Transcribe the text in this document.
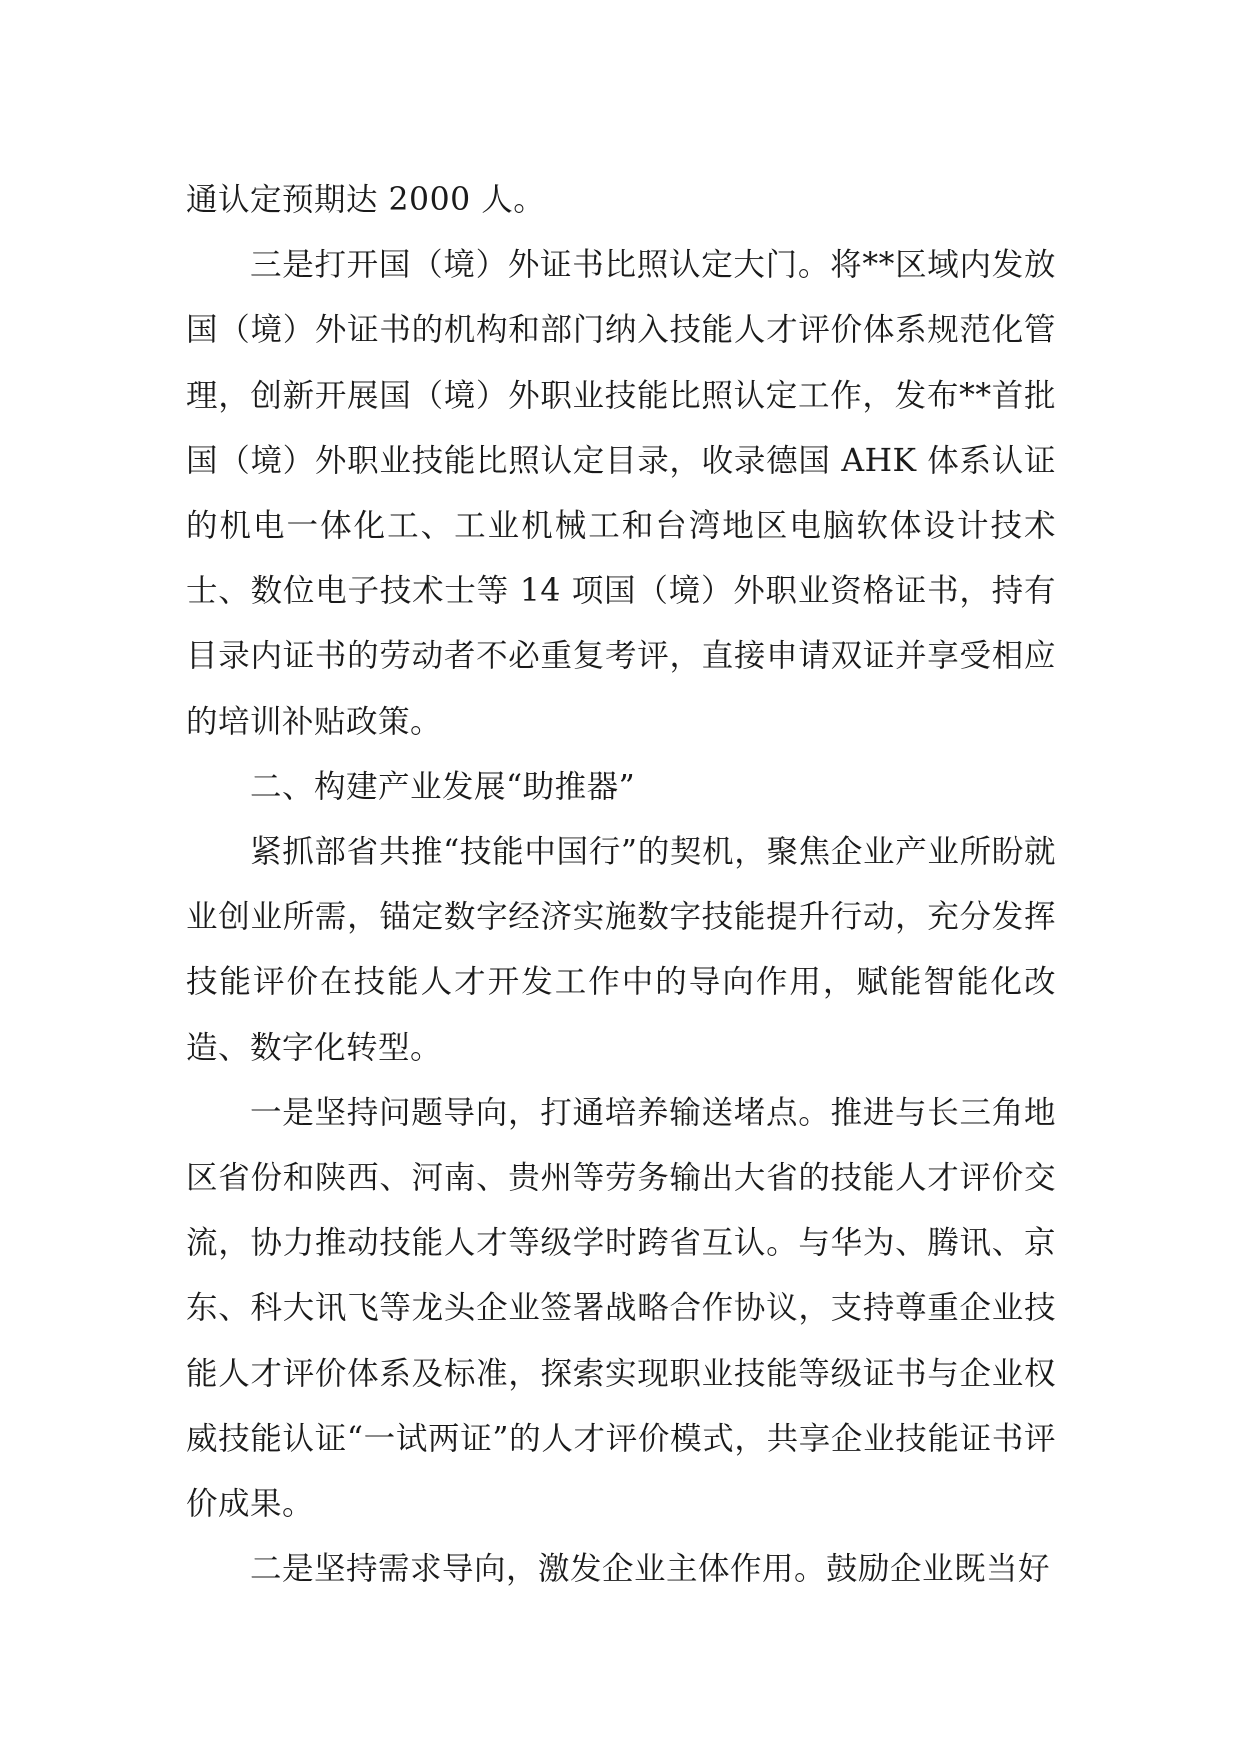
通认定预期达 2000 人。

三是打开国（境）外证书比照认定大门。将**区域内发放国（境）外证书的机构和部门纳入技能人才评价体系规范化管理，创新开展国（境）外职业技能比照认定工作，发布**首批国（境）外职业技能比照认定目录，收录德国 AHK 体系认证的机电一体化工、工业机械工和台湾地区电脑软体设计技术士、数位电子技术士等 14 项国（境）外职业资格证书，持有目录内证书的劳动者不必重复考评，直接申请双证并享受相应的培训补贴政策。

二、构建产业发展“助推器”

紧抓部省共推“技能中国行”的契机，聚焦企业产业所盼就业创业所需，锚定数字经济实施数字技能提升行动，充分发挥技能评价在技能人才开发工作中的导向作用，赋能智能化改造、数字化转型。

一是坚持问题导向，打通培养输送堵点。推进与长三角地区省份和陕西、河南、贵州等劳务输出大省的技能人才评价交流，协力推动技能人才等级学时跨省互认。与华为、腾讯、京东、科大讯飞等龙头企业签署战略合作协议，支持尊重企业技能人才评价体系及标准，探索实现职业技能等级证书与企业权威技能认证“一试两证”的人才评价模式，共享企业技能证书评价成果。

二是坚持需求导向，激发企业主体作用。鼓励企业既当好
